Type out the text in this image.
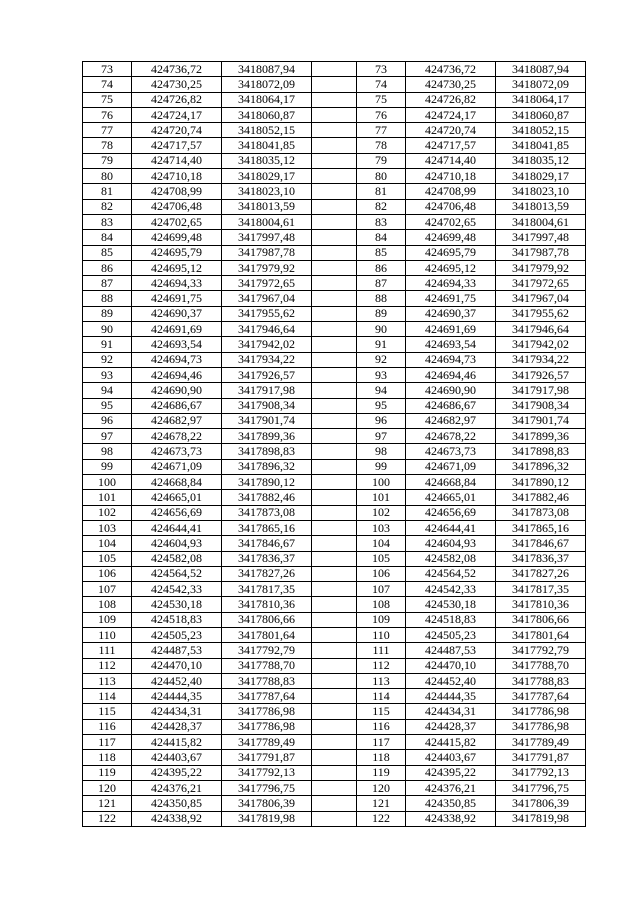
73	424736,72	3418087,94		73	424736,72	3418087,94
74	424730,25	3418072,09		74	424730,25	3418072,09
75	424726,82	3418064,17		75	424726,82	3418064,17
76	424724,17	3418060,87		76	424724,17	3418060,87
77	424720,74	3418052,15		77	424720,74	3418052,15
78	424717,57	3418041,85		78	424717,57	3418041,85
79	424714,40	3418035,12		79	424714,40	3418035,12
80	424710,18	3418029,17		80	424710,18	3418029,17
81	424708,99	3418023,10		81	424708,99	3418023,10
82	424706,48	3418013,59		82	424706,48	3418013,59
83	424702,65	3418004,61		83	424702,65	3418004,61
84	424699,48	3417997,48		84	424699,48	3417997,48
85	424695,79	3417987,78		85	424695,79	3417987,78
86	424695,12	3417979,92		86	424695,12	3417979,92
87	424694,33	3417972,65		87	424694,33	3417972,65
88	424691,75	3417967,04		88	424691,75	3417967,04
89	424690,37	3417955,62		89	424690,37	3417955,62
90	424691,69	3417946,64		90	424691,69	3417946,64
91	424693,54	3417942,02		91	424693,54	3417942,02
92	424694,73	3417934,22		92	424694,73	3417934,22
93	424694,46	3417926,57		93	424694,46	3417926,57
94	424690,90	3417917,98		94	424690,90	3417917,98
95	424686,67	3417908,34		95	424686,67	3417908,34
96	424682,97	3417901,74		96	424682,97	3417901,74
97	424678,22	3417899,36		97	424678,22	3417899,36
98	424673,73	3417898,83		98	424673,73	3417898,83
99	424671,09	3417896,32		99	424671,09	3417896,32
100	424668,84	3417890,12		100	424668,84	3417890,12
101	424665,01	3417882,46		101	424665,01	3417882,46
102	424656,69	3417873,08		102	424656,69	3417873,08
103	424644,41	3417865,16		103	424644,41	3417865,16
104	424604,93	3417846,67		104	424604,93	3417846,67
105	424582,08	3417836,37		105	424582,08	3417836,37
106	424564,52	3417827,26		106	424564,52	3417827,26
107	424542,33	3417817,35		107	424542,33	3417817,35
108	424530,18	3417810,36		108	424530,18	3417810,36
109	424518,83	3417806,66		109	424518,83	3417806,66
110	424505,23	3417801,64		110	424505,23	3417801,64
111	424487,53	3417792,79		111	424487,53	3417792,79
112	424470,10	3417788,70		112	424470,10	3417788,70
113	424452,40	3417788,83		113	424452,40	3417788,83
114	424444,35	3417787,64		114	424444,35	3417787,64
115	424434,31	3417786,98		115	424434,31	3417786,98
116	424428,37	3417786,98		116	424428,37	3417786,98
117	424415,82	3417789,49		117	424415,82	3417789,49
118	424403,67	3417791,87		118	424403,67	3417791,87
119	424395,22	3417792,13		119	424395,22	3417792,13
120	424376,21	3417796,75		120	424376,21	3417796,75
121	424350,85	3417806,39		121	424350,85	3417806,39
122	424338,92	3417819,98		122	424338,92	3417819,98
